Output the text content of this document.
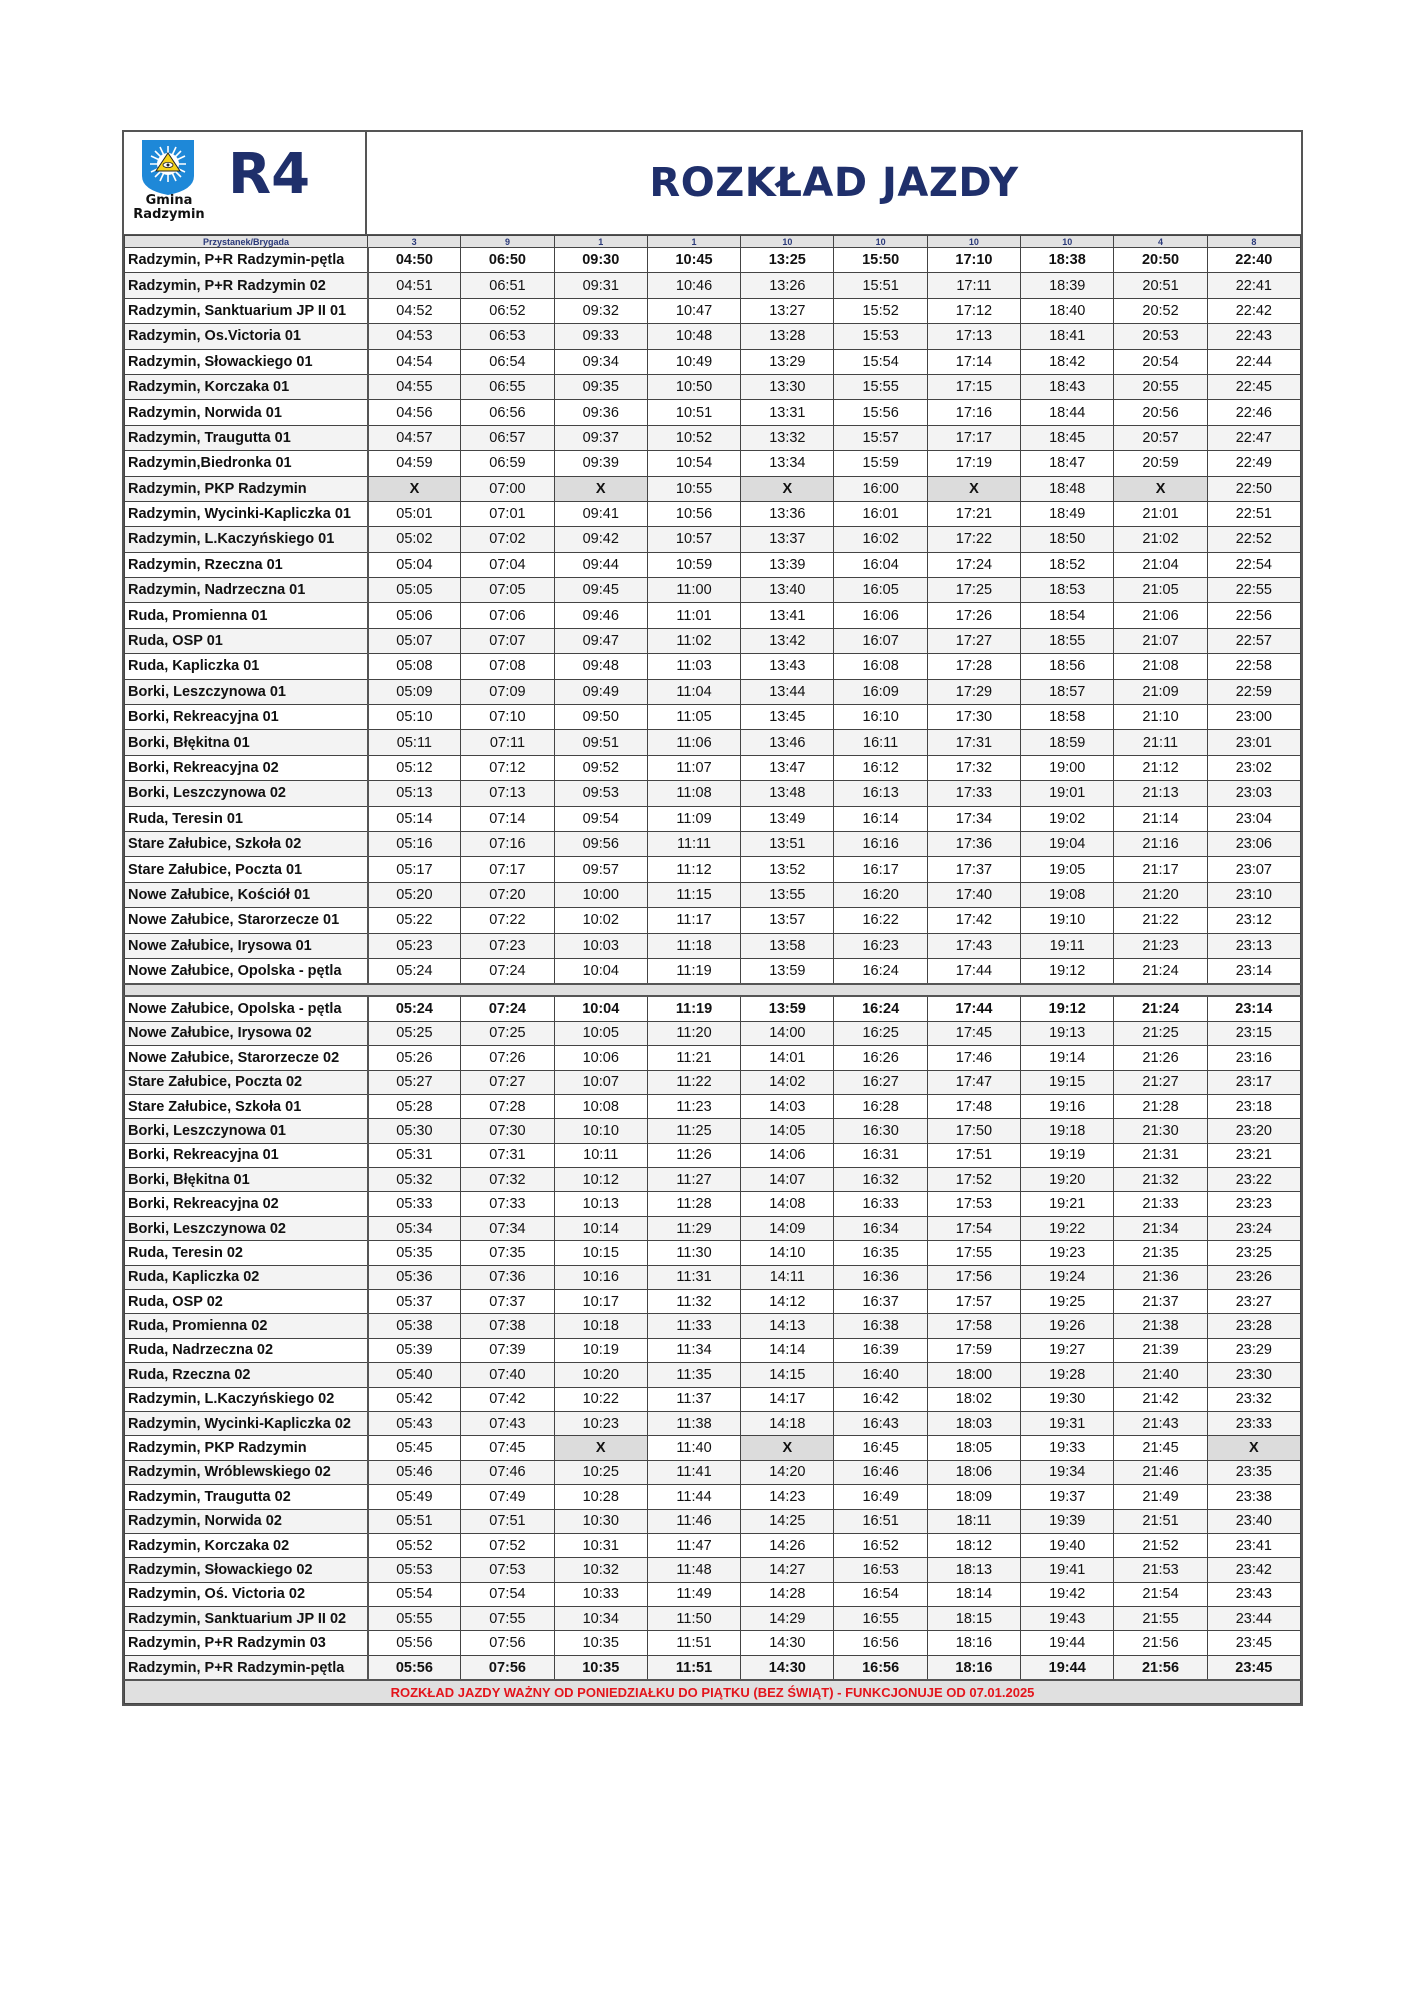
Gmina
Radzymin
R4	ROZKŁAD JAZDY
Przystanek/Brygada	3	9	1	1	10	10	10	10	4	8
Radzymin, P+R Radzymin-pętla	04:50	06:50	09:30	10:45	13:25	15:50	17:10	18:38	20:50	22:40
Radzymin, P+R Radzymin 02	04:51	06:51	09:31	10:46	13:26	15:51	17:11	18:39	20:51	22:41
Radzymin, Sanktuarium JP II 01	04:52	06:52	09:32	10:47	13:27	15:52	17:12	18:40	20:52	22:42
Radzymin, Os.Victoria 01	04:53	06:53	09:33	10:48	13:28	15:53	17:13	18:41	20:53	22:43
Radzymin, Słowackiego 01	04:54	06:54	09:34	10:49	13:29	15:54	17:14	18:42	20:54	22:44
Radzymin, Korczaka 01	04:55	06:55	09:35	10:50	13:30	15:55	17:15	18:43	20:55	22:45
Radzymin, Norwida 01	04:56	06:56	09:36	10:51	13:31	15:56	17:16	18:44	20:56	22:46
Radzymin, Traugutta 01	04:57	06:57	09:37	10:52	13:32	15:57	17:17	18:45	20:57	22:47
Radzymin,Biedronka 01	04:59	06:59	09:39	10:54	13:34	15:59	17:19	18:47	20:59	22:49
Radzymin, PKP Radzymin	X	07:00	X	10:55	X	16:00	X	18:48	X	22:50
Radzymin, Wycinki-Kapliczka 01	05:01	07:01	09:41	10:56	13:36	16:01	17:21	18:49	21:01	22:51
Radzymin, L.Kaczyńskiego 01	05:02	07:02	09:42	10:57	13:37	16:02	17:22	18:50	21:02	22:52
Radzymin, Rzeczna 01	05:04	07:04	09:44	10:59	13:39	16:04	17:24	18:52	21:04	22:54
Radzymin, Nadrzeczna 01	05:05	07:05	09:45	11:00	13:40	16:05	17:25	18:53	21:05	22:55
Ruda, Promienna 01	05:06	07:06	09:46	11:01	13:41	16:06	17:26	18:54	21:06	22:56
Ruda, OSP 01	05:07	07:07	09:47	11:02	13:42	16:07	17:27	18:55	21:07	22:57
Ruda, Kapliczka 01	05:08	07:08	09:48	11:03	13:43	16:08	17:28	18:56	21:08	22:58
Borki, Leszczynowa 01	05:09	07:09	09:49	11:04	13:44	16:09	17:29	18:57	21:09	22:59
Borki, Rekreacyjna 01	05:10	07:10	09:50	11:05	13:45	16:10	17:30	18:58	21:10	23:00
Borki, Błękitna 01	05:11	07:11	09:51	11:06	13:46	16:11	17:31	18:59	21:11	23:01
Borki, Rekreacyjna 02	05:12	07:12	09:52	11:07	13:47	16:12	17:32	19:00	21:12	23:02
Borki, Leszczynowa 02	05:13	07:13	09:53	11:08	13:48	16:13	17:33	19:01	21:13	23:03
Ruda, Teresin 01	05:14	07:14	09:54	11:09	13:49	16:14	17:34	19:02	21:14	23:04
Stare Załubice, Szkoła 02	05:16	07:16	09:56	11:11	13:51	16:16	17:36	19:04	21:16	23:06
Stare Załubice, Poczta 01	05:17	07:17	09:57	11:12	13:52	16:17	17:37	19:05	21:17	23:07
Nowe Załubice, Kościół 01	05:20	07:20	10:00	11:15	13:55	16:20	17:40	19:08	21:20	23:10
Nowe Załubice, Starorzecze 01	05:22	07:22	10:02	11:17	13:57	16:22	17:42	19:10	21:22	23:12
Nowe Załubice, Irysowa 01	05:23	07:23	10:03	11:18	13:58	16:23	17:43	19:11	21:23	23:13
Nowe Załubice, Opolska - pętla	05:24	07:24	10:04	11:19	13:59	16:24	17:44	19:12	21:24	23:14

Nowe Załubice, Opolska - pętla	05:24	07:24	10:04	11:19	13:59	16:24	17:44	19:12	21:24	23:14
Nowe Załubice, Irysowa 02	05:25	07:25	10:05	11:20	14:00	16:25	17:45	19:13	21:25	23:15
Nowe Załubice, Starorzecze 02	05:26	07:26	10:06	11:21	14:01	16:26	17:46	19:14	21:26	23:16
Stare Załubice, Poczta 02	05:27	07:27	10:07	11:22	14:02	16:27	17:47	19:15	21:27	23:17
Stare Załubice, Szkoła 01	05:28	07:28	10:08	11:23	14:03	16:28	17:48	19:16	21:28	23:18
Borki, Leszczynowa 01	05:30	07:30	10:10	11:25	14:05	16:30	17:50	19:18	21:30	23:20
Borki, Rekreacyjna 01	05:31	07:31	10:11	11:26	14:06	16:31	17:51	19:19	21:31	23:21
Borki, Błękitna 01	05:32	07:32	10:12	11:27	14:07	16:32	17:52	19:20	21:32	23:22
Borki, Rekreacyjna 02	05:33	07:33	10:13	11:28	14:08	16:33	17:53	19:21	21:33	23:23
Borki, Leszczynowa 02	05:34	07:34	10:14	11:29	14:09	16:34	17:54	19:22	21:34	23:24
Ruda, Teresin 02	05:35	07:35	10:15	11:30	14:10	16:35	17:55	19:23	21:35	23:25
Ruda, Kapliczka 02	05:36	07:36	10:16	11:31	14:11	16:36	17:56	19:24	21:36	23:26
Ruda, OSP 02	05:37	07:37	10:17	11:32	14:12	16:37	17:57	19:25	21:37	23:27
Ruda, Promienna 02	05:38	07:38	10:18	11:33	14:13	16:38	17:58	19:26	21:38	23:28
Ruda, Nadrzeczna 02	05:39	07:39	10:19	11:34	14:14	16:39	17:59	19:27	21:39	23:29
Ruda, Rzeczna 02	05:40	07:40	10:20	11:35	14:15	16:40	18:00	19:28	21:40	23:30
Radzymin, L.Kaczyńskiego 02	05:42	07:42	10:22	11:37	14:17	16:42	18:02	19:30	21:42	23:32
Radzymin, Wycinki-Kapliczka 02	05:43	07:43	10:23	11:38	14:18	16:43	18:03	19:31	21:43	23:33
Radzymin, PKP Radzymin	05:45	07:45	X	11:40	X	16:45	18:05	19:33	21:45	X
Radzymin, Wróblewskiego 02	05:46	07:46	10:25	11:41	14:20	16:46	18:06	19:34	21:46	23:35
Radzymin, Traugutta 02	05:49	07:49	10:28	11:44	14:23	16:49	18:09	19:37	21:49	23:38
Radzymin, Norwida 02	05:51	07:51	10:30	11:46	14:25	16:51	18:11	19:39	21:51	23:40
Radzymin, Korczaka 02	05:52	07:52	10:31	11:47	14:26	16:52	18:12	19:40	21:52	23:41
Radzymin, Słowackiego 02	05:53	07:53	10:32	11:48	14:27	16:53	18:13	19:41	21:53	23:42
Radzymin, Oś. Victoria 02	05:54	07:54	10:33	11:49	14:28	16:54	18:14	19:42	21:54	23:43
Radzymin, Sanktuarium JP II 02	05:55	07:55	10:34	11:50	14:29	16:55	18:15	19:43	21:55	23:44
Radzymin, P+R Radzymin 03	05:56	07:56	10:35	11:51	14:30	16:56	18:16	19:44	21:56	23:45
Radzymin, P+R Radzymin-pętla	05:56	07:56	10:35	11:51	14:30	16:56	18:16	19:44	21:56	23:45
ROZKŁAD JAZDY WAŻNY OD PONIEDZIAŁKU DO PIĄTKU (BEZ ŚWIĄT) - FUNKCJONUJE OD 07.01.2025										
